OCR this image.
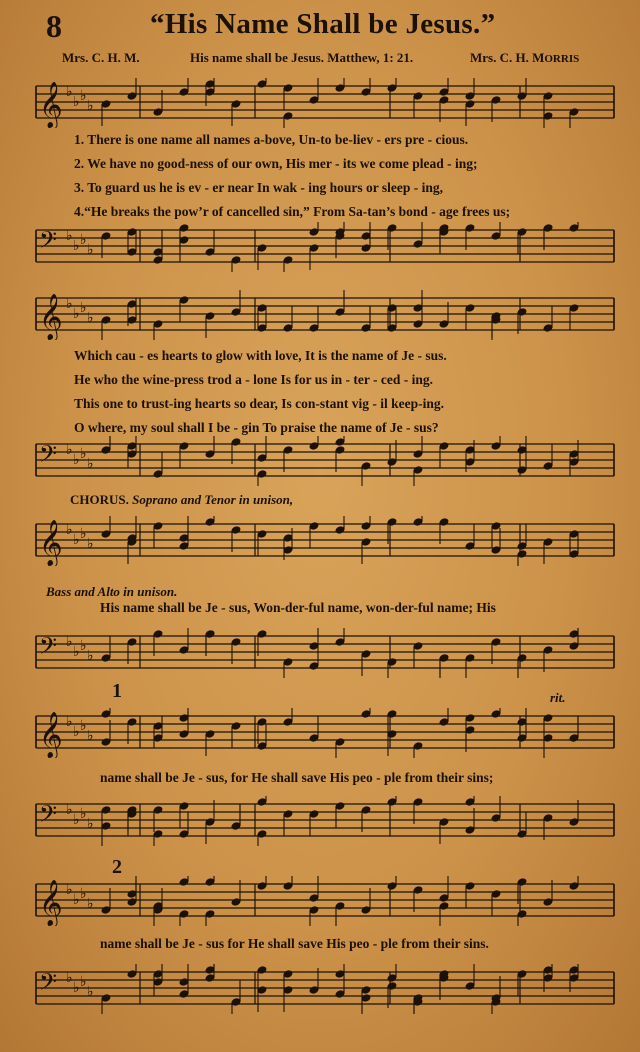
8	“His Name Shall be Jesus.”
Mrs. C. H. M.	His name shall be Jesus. Matthew, 1: 21.	Mrs. C. H. MORRIS
𝄞 ♭
♭ ♭
♭
1. There is one name all names a-bove, Un-to be-liev - ers pre - cious.
2. We have no good-ness of our own, His mer - its we come plead - ing;
3. To guard us he is ev - er near In wak - ing hours or sleep - ing,
4.“He breaks the pow’r of cancelled sin,” From Sa-tan’s bond - age frees us;
𝄢 ♭
♭ ♭
♭
𝄞 ♭
♭ ♭
♭
Which cau - es hearts to glow with love, It is the name of Je - sus.
He who the wine-press trod a - lone Is for us in - ter - ced - ing.
This one to trust-ing hearts so dear, Is con-stant vig - il keep-ing.
O where, my soul shall I be - gin To praise the name of Je - sus?
𝄢 ♭
♭ ♭
♭
CHORUS. Soprano and Tenor in unison,
𝄞 ♭
♭ ♭
♭
Bass and Alto in unison.
His name shall be Je - sus, Won-der-ful name, won-der-ful name; His
𝄢 ♭
♭ ♭
♭
1	rit.
𝄞 ♭
♭ ♭
♭
name shall be Je - sus, for He shall save His peo - ple from their sins;
𝄢 ♭
♭ ♭
♭
2
𝄞 ♭
♭ ♭
♭
name shall be Je - sus for He shall save His peo - ple from their sins.
𝄢 ♭
♭ ♭
♭
